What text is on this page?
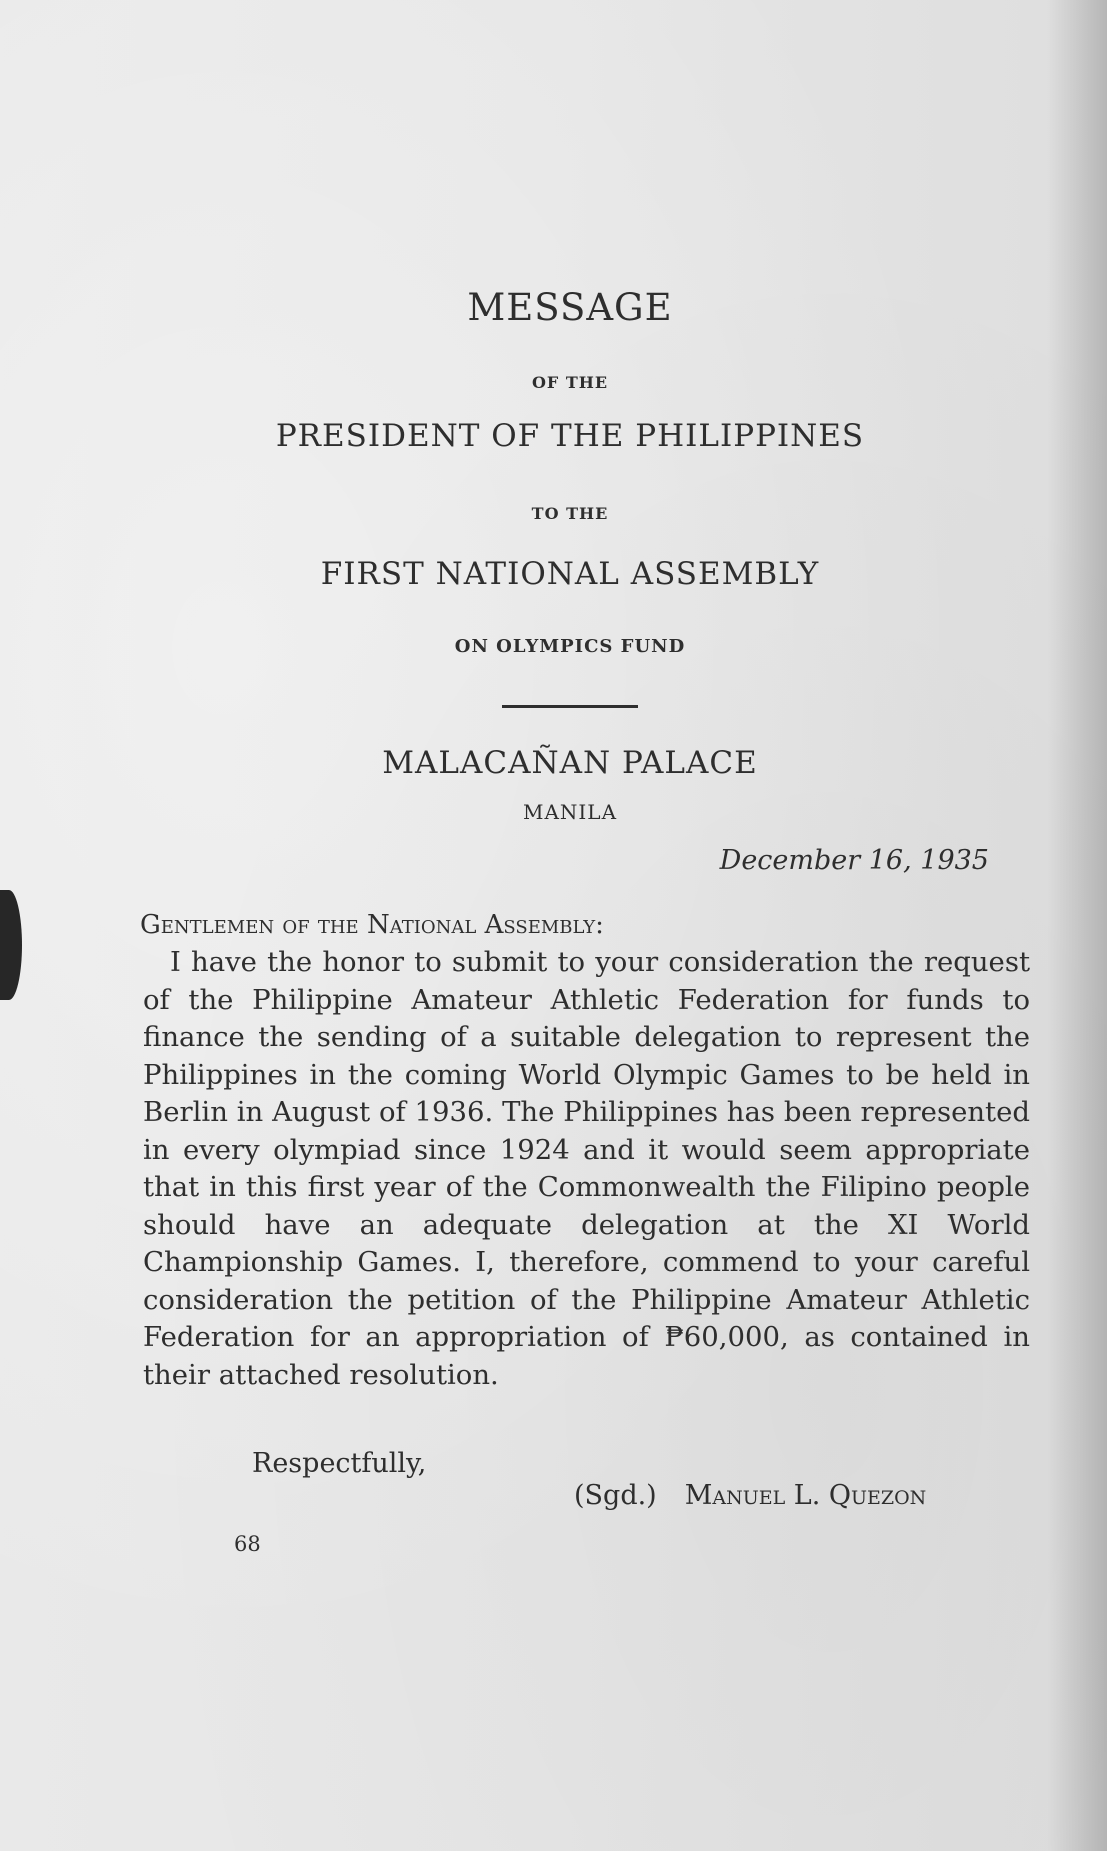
MESSAGE
OF THE
PRESIDENT OF THE PHILIPPINES
TO THE
FIRST NATIONAL ASSEMBLY
ON OLYMPICS FUND
MALACAÑAN PALACE
MANILA
December 16, 1935
Gentlemen of the National Assembly:

I have the honor to submit to your consideration the request of the Philippine Amateur Athletic Federation for funds to finance the sending of a suitable delegation to represent the Philippines in the coming World Olympic Games to be held in Berlin in August of 1936. The Philippines has been represented in every olympiad since 1924 and it would seem appropriate that in this first year of the Commonwealth the Filipino people should have an adequate delegation at the XI World Championship Games. I, therefore, commend to your careful consideration the petition of the Philippine Amateur Athletic Federation for an appropriation of ₱60,000, as contained in their attached resolution.

Respectfully,
(Sgd.) Manuel L. Quezon
68
